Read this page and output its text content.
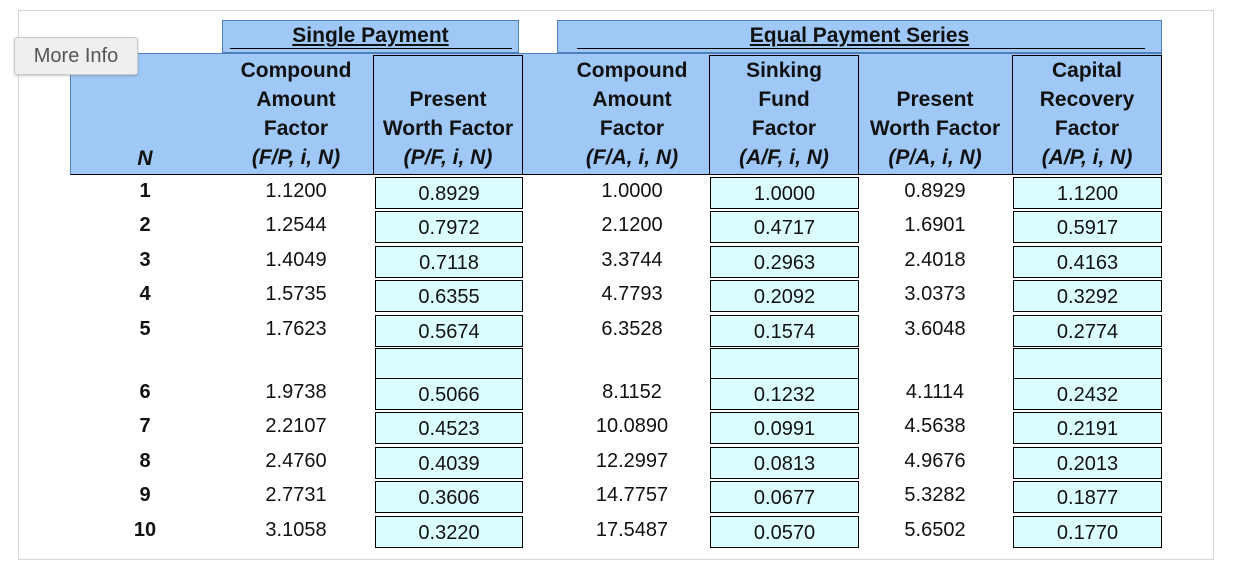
More Info
Single Payment	Equal Payment Series
N
Compound
Amount
Factor
(F/P, i, N)
Present
Worth Factor
(P/F, i, N)
Compound
Amount
Factor
(F/A, i, N)
Sinking
Fund
Factor
(A/F, i, N)
Present
Worth Factor
(P/A, i, N)
Capital
Recovery
Factor
(A/P, i, N)
1	1.1200	0.8929	1.0000	1.0000	0.8929	1.1200
2	1.2544	0.7972	2.1200	0.4717	1.6901	0.5917
3	1.4049	0.7118	3.3744	0.2963	2.4018	0.4163
4	1.5735	0.6355	4.7793	0.2092	3.0373	0.3292
5	1.7623	0.5674	6.3528	0.1574	3.6048	0.2774
6	1.9738	0.5066	8.1152	0.1232	4.1114	0.2432
7	2.2107	0.4523	10.0890	0.0991	4.5638	0.2191
8	2.4760	0.4039	12.2997	0.0813	4.9676	0.2013
9	2.7731	0.3606	14.7757	0.0677	5.3282	0.1877
10	3.1058	0.3220	17.5487	0.0570	5.6502	0.1770
